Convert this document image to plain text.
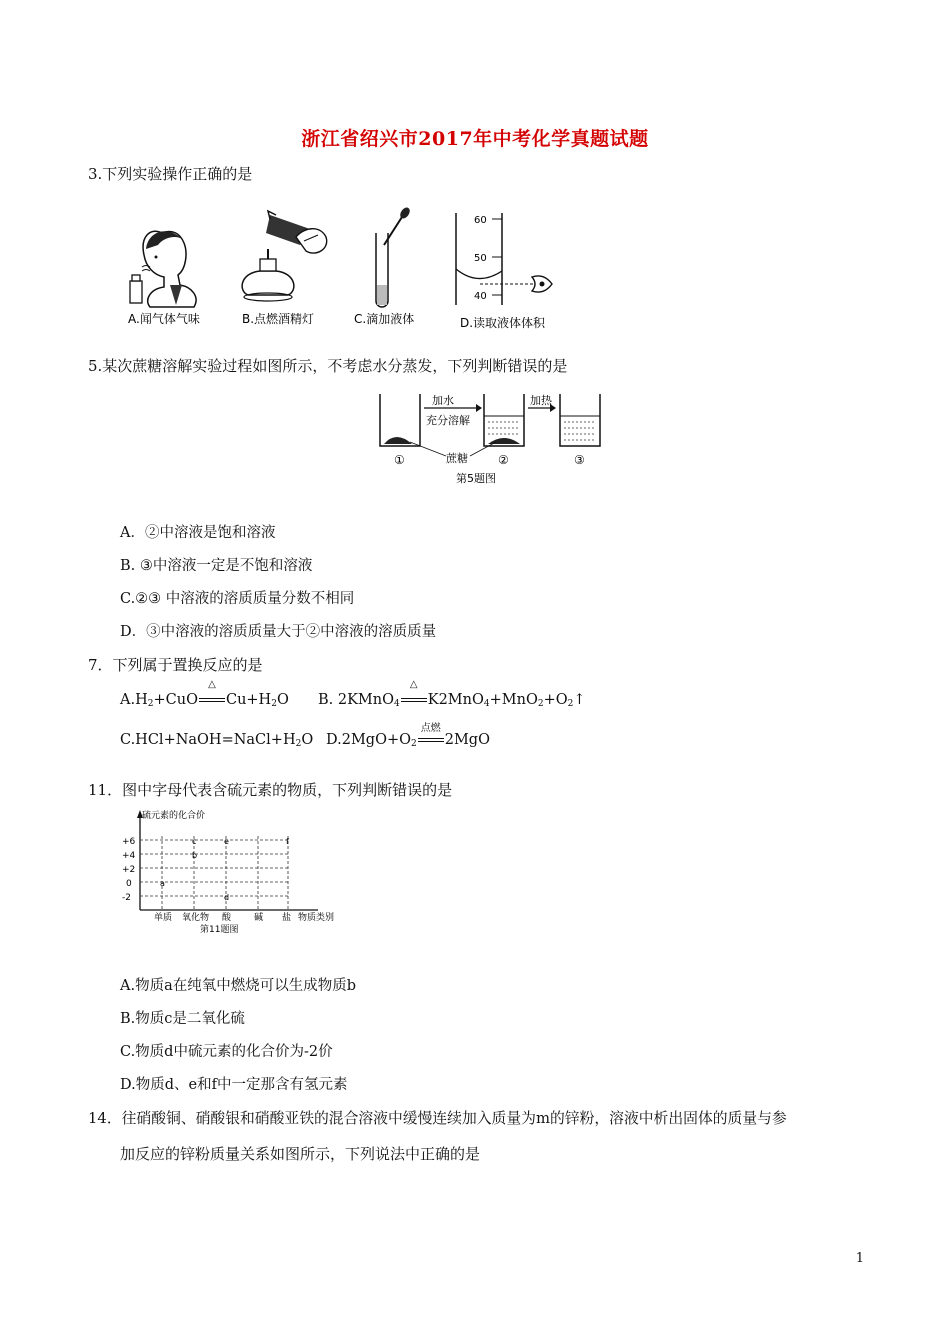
浙江省绍兴市2017年中考化学真题试题
3.下列实验操作正确的是
A.闻气体气味	B.点燃酒精灯	C.滴加液体
60
50
40
D.读取液体体积
5.某次蔗糖溶解实验过程如图所示，不考虑水分蒸发，下列判断错误的是
加水
充分溶解
加热
蔗糖
①	②	③
第5题图
A．②中溶液是饱和溶液
B. ③中溶液一定是不饱和溶液
C.②③ 中溶液的溶质质量分数不相同
D．③中溶液的溶质质量大于②中溶液的溶质质量
7．下列属于置换反应的是
$A.H_2+CuO$
△
$Cu+H_2O$ B. 2KMnO$_4$
△
$K2MnO_4+MnO_2+O_2↑$
$C.HCl+NaOH=NaCl+H_2O$ $D.2MgO+O_2$
点燃
2MgO
11．图中字母代表含硫元素的物质，下列判断错误的是
硫元素的化合价
+6
+4
+2
0
-2
单质 氧化物 酸	碱 盐 物质类别
第11题图
a
b
c
d
e	f
A.物质a在纯氧中燃烧可以生成物质b
B.物质c是二氧化硫
C.物质d中硫元素的化合价为-2价
D.物质d、e和f中一定那含有氢元素
14．往硝酸铜、硝酸银和硝酸亚铁的混合溶液中缓慢连续加入质量为m的锌粉，溶液中析出固体的质量与参
加反应的锌粉质量关系如图所示，下列说法中正确的是
1
